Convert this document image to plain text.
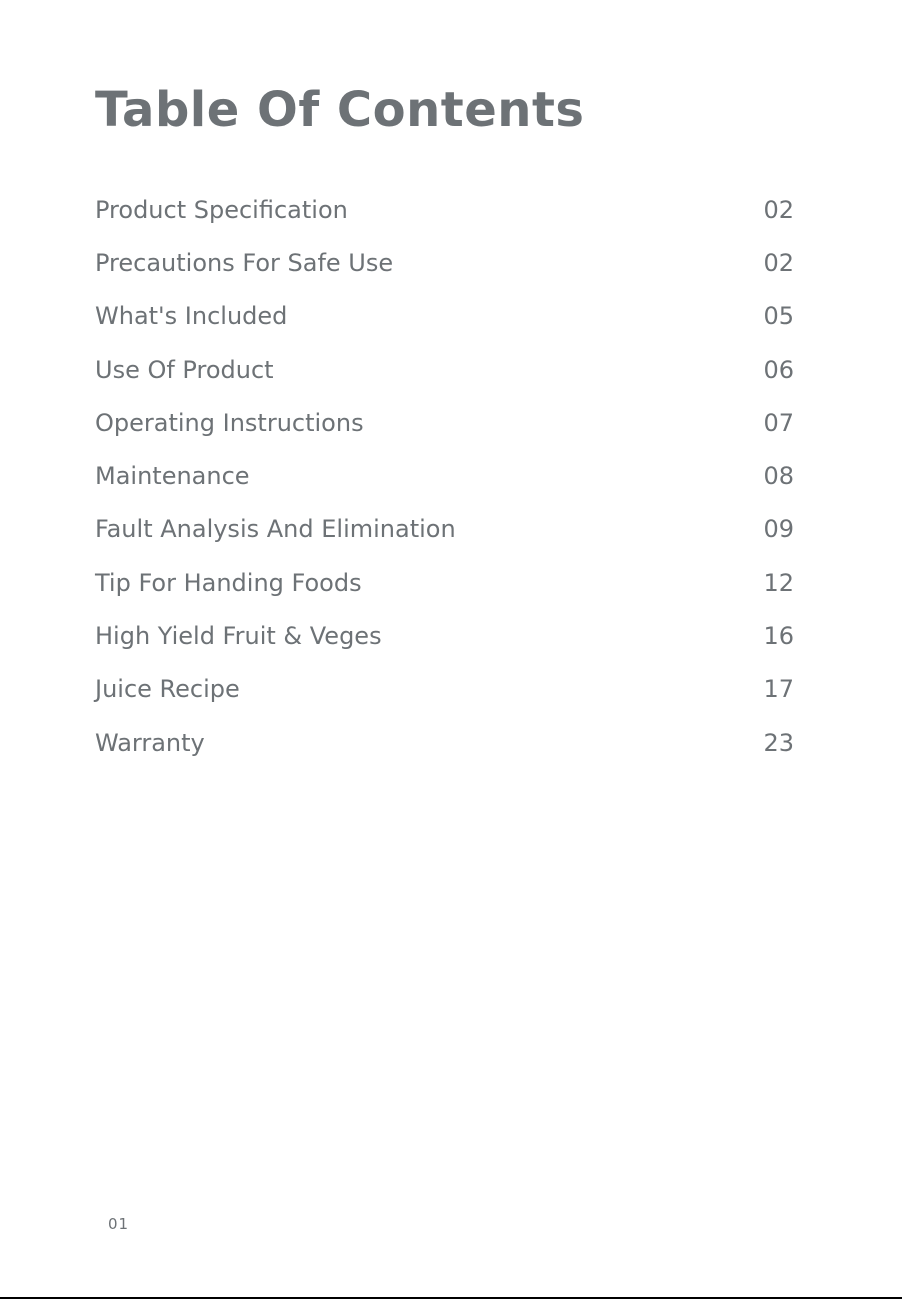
Table Of Contents
Product Specification	02
Precautions For Safe Use	02
What's Included	05
Use Of Product	06
Operating Instructions	07
Maintenance	08
Fault Analysis And Elimination	09
Tip For Handing Foods	12
High Yield Fruit & Veges	16
Juice Recipe	17
Warranty	23
01
